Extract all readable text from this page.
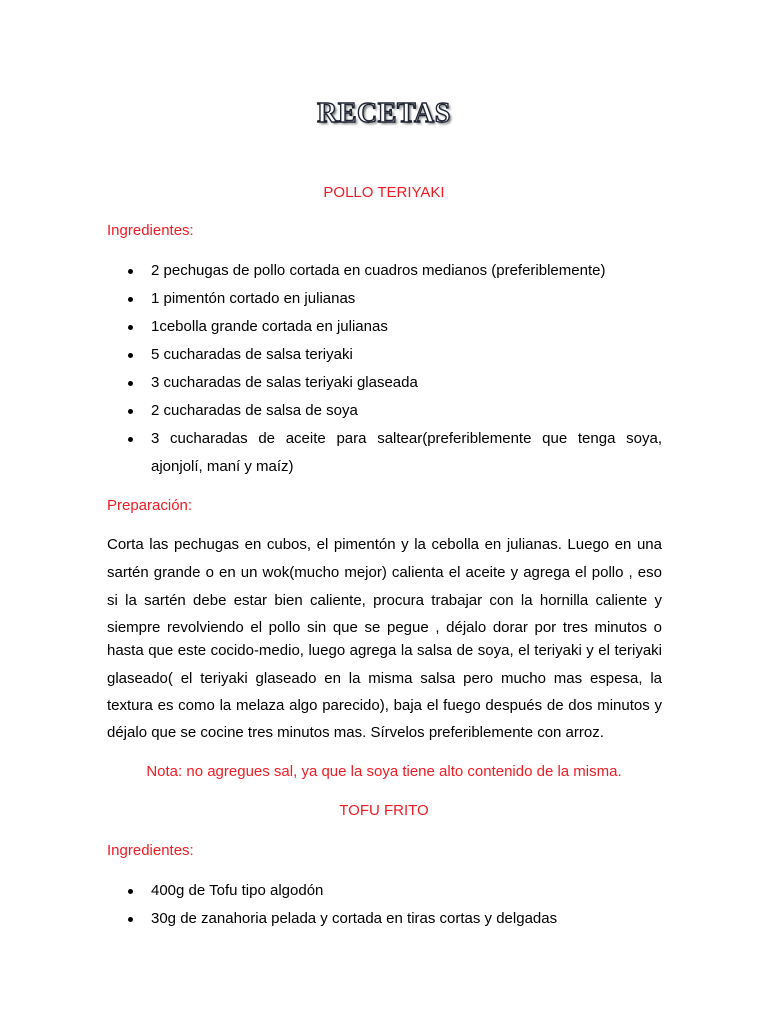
RECETAS
POLLO TERIYAKI
Ingredientes:
2 pechugas de pollo cortada en cuadros medianos (preferiblemente)
1 pimentón cortado en julianas
1cebolla grande cortada en julianas
5 cucharadas de salsa teriyaki
3 cucharadas de salas teriyaki glaseada
2 cucharadas de salsa de soya
3 cucharadas de aceite para saltear(preferiblemente que tenga soya, ajonjolí, maní y maíz)
Preparación:
Corta las pechugas en cubos, el pimentón y la cebolla en julianas. Luego en una
sartén grande o en un wok(mucho mejor) calienta el aceite y agrega el pollo , eso
si la sartén debe estar bien caliente, procura trabajar con la hornilla caliente y
siempre revolviendo el pollo sin que se pegue , déjalo dorar por tres minutos o
hasta que este cocido-medio, luego agrega la salsa de soya, el teriyaki y el teriyaki
glaseado( el teriyaki glaseado en la misma salsa pero mucho mas espesa, la
textura es como la melaza algo parecido), baja el fuego después de dos minutos y
déjalo que se cocine tres minutos mas. Sírvelos preferiblemente con arroz.
Nota: no agregues sal, ya que la soya tiene alto contenido de la misma.
TOFU FRITO
Ingredientes:
400g de Tofu tipo algodón
30g de zanahoria pelada y cortada en tiras cortas y delgadas
